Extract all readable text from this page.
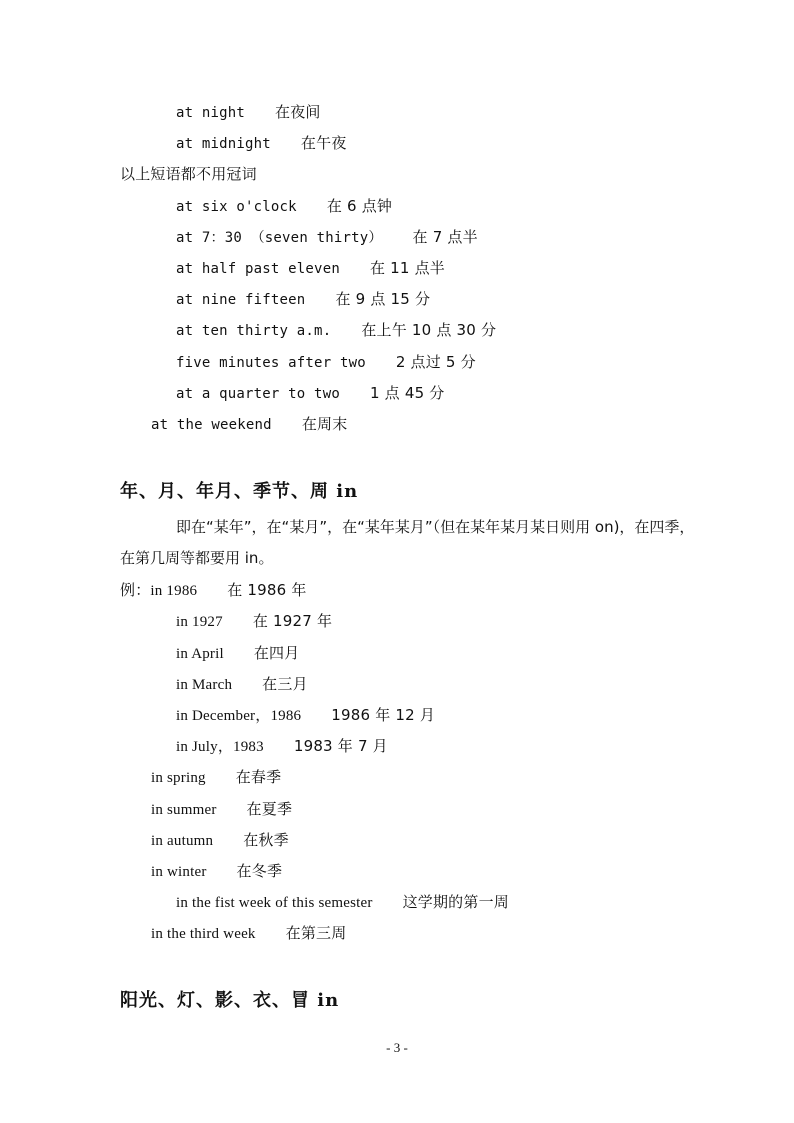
at night 在夜间
at midnight 在午夜
以上短语都不用冠词
at six o'clock 在 6 点钟
at 7：30 （seven thirty） 在 7 点半
at half past eleven 在 11 点半
at nine fifteen 在 9 点 15 分
at ten thirty a.m. 在上午 10 点 30 分
five minutes after two 2 点过 5 分
at a quarter to two 1 点 45 分
at the weekend 在周末
年、月、年月、季节、周 in
即在“某年”，在“某月”，在“某年某月”（但在某年某月某日则用 on)，在四季，在第几周等都要用 in。
例：in 1986 在 1986 年
in 1927 在 1927 年
in April 在四月
in March 在三月
in December，1986 1986 年 12 月
in July，1983 1983 年 7 月
in spring 在春季
in summer 在夏季
in autumn 在秋季
in winter 在冬季
in the fist week of this semester 这学期的第一周
in the third week 在第三周
阳光、灯、影、衣、冒 in
- 3 -
